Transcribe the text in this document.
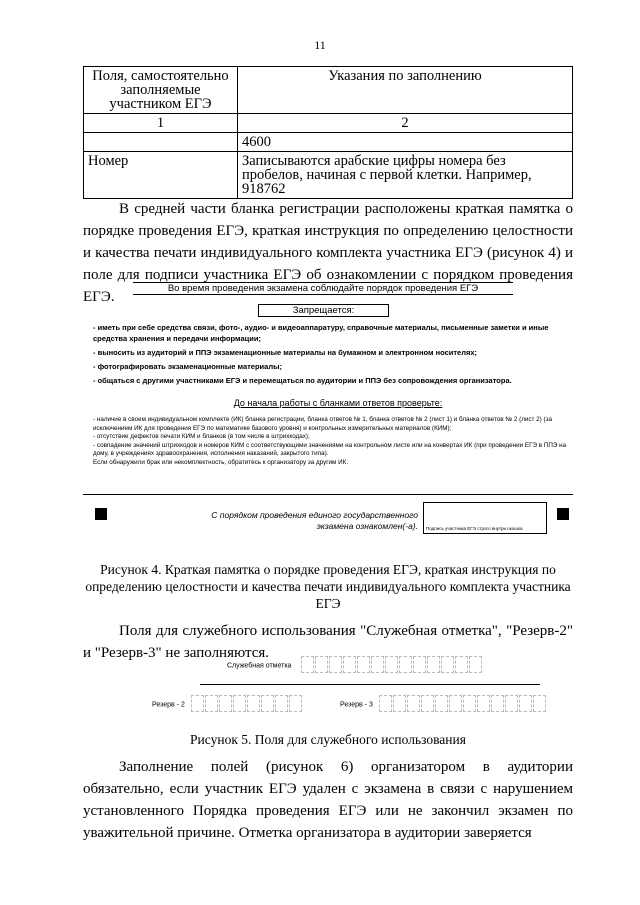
11
Поля, самостоятельно заполняемые участником ЕГЭ	Указания по заполнению
1	2
	4600
Номер	Записываются арабские цифры номера без пробелов, начиная с первой клетки. Например, 918762
В средней части бланка регистрации расположены краткая памятка о порядке проведения ЕГЭ, краткая инструкция по определению целостности и качества печати индивидуального комплекта участника ЕГЭ (рисунок 4) и поле для подписи участника ЕГЭ об ознакомлении с порядком проведения ЕГЭ.
Во время проведения экзамена соблюдайте порядок проведения ЕГЭ
Запрещается:
- иметь при себе средства связи, фото-, аудио- и видеоаппаратуру, справочные материалы, письменные заметки и иные средства хранения и передачи информации;
- выносить из аудиторий и ППЭ экзаменационные материалы на бумажном и электронном носителях;
- фотографировать экзаменационные материалы;
- общаться с другими участниками ЕГЭ и перемещаться по аудитории и ППЭ без сопровождения организатора.
До начала работы с бланками ответов проверьте:
- наличие в своем индивидуальном комплекте (ИК) бланка регистрации, бланка ответов № 1, бланка ответов № 2 (лист 1) и бланка ответов № 2 (лист 2) (за исключением ИК для проведения ЕГЭ по математике базового уровня) и контрольных измерительных материалов (КИМ);
- отсутствие дефектов печати КИМ и бланков (в том числе в штрихкодах);
- совпадение значений штрихкодов и номеров КИМ с соответствующими значениями на контрольном листе или на конвертах ИК (при проведении ЕГЭ в ППЭ на дому, в учреждениях здравоохранения, исполнения наказаний, закрытого типа).
Если обнаружили брак или некомплектность, обратитесь к организатору за другим ИК.
С порядком проведения единого государственного экзамена ознакомлен(-а). Подпись участника ЕГЭ строго внутри окошка
Рисунок 4. Краткая памятка о порядке проведения ЕГЭ, краткая инструкция по определению целостности и качества печати индивидуального комплекта участника ЕГЭ
Поля для служебного использования "Служебная отметка", "Резерв-2" и "Резерв-3" не заполняются.
Служебная отметка
Резерв - 2	Резерв - 3
Рисунок 5. Поля для служебного использования
Заполнение полей (рисунок 6) организатором в аудитории обязательно, если участник ЕГЭ удален с экзамена в связи с нарушением установленного Порядка проведения ЕГЭ или не закончил экзамен по уважительной причине. Отметка организатора в аудитории заверяется
